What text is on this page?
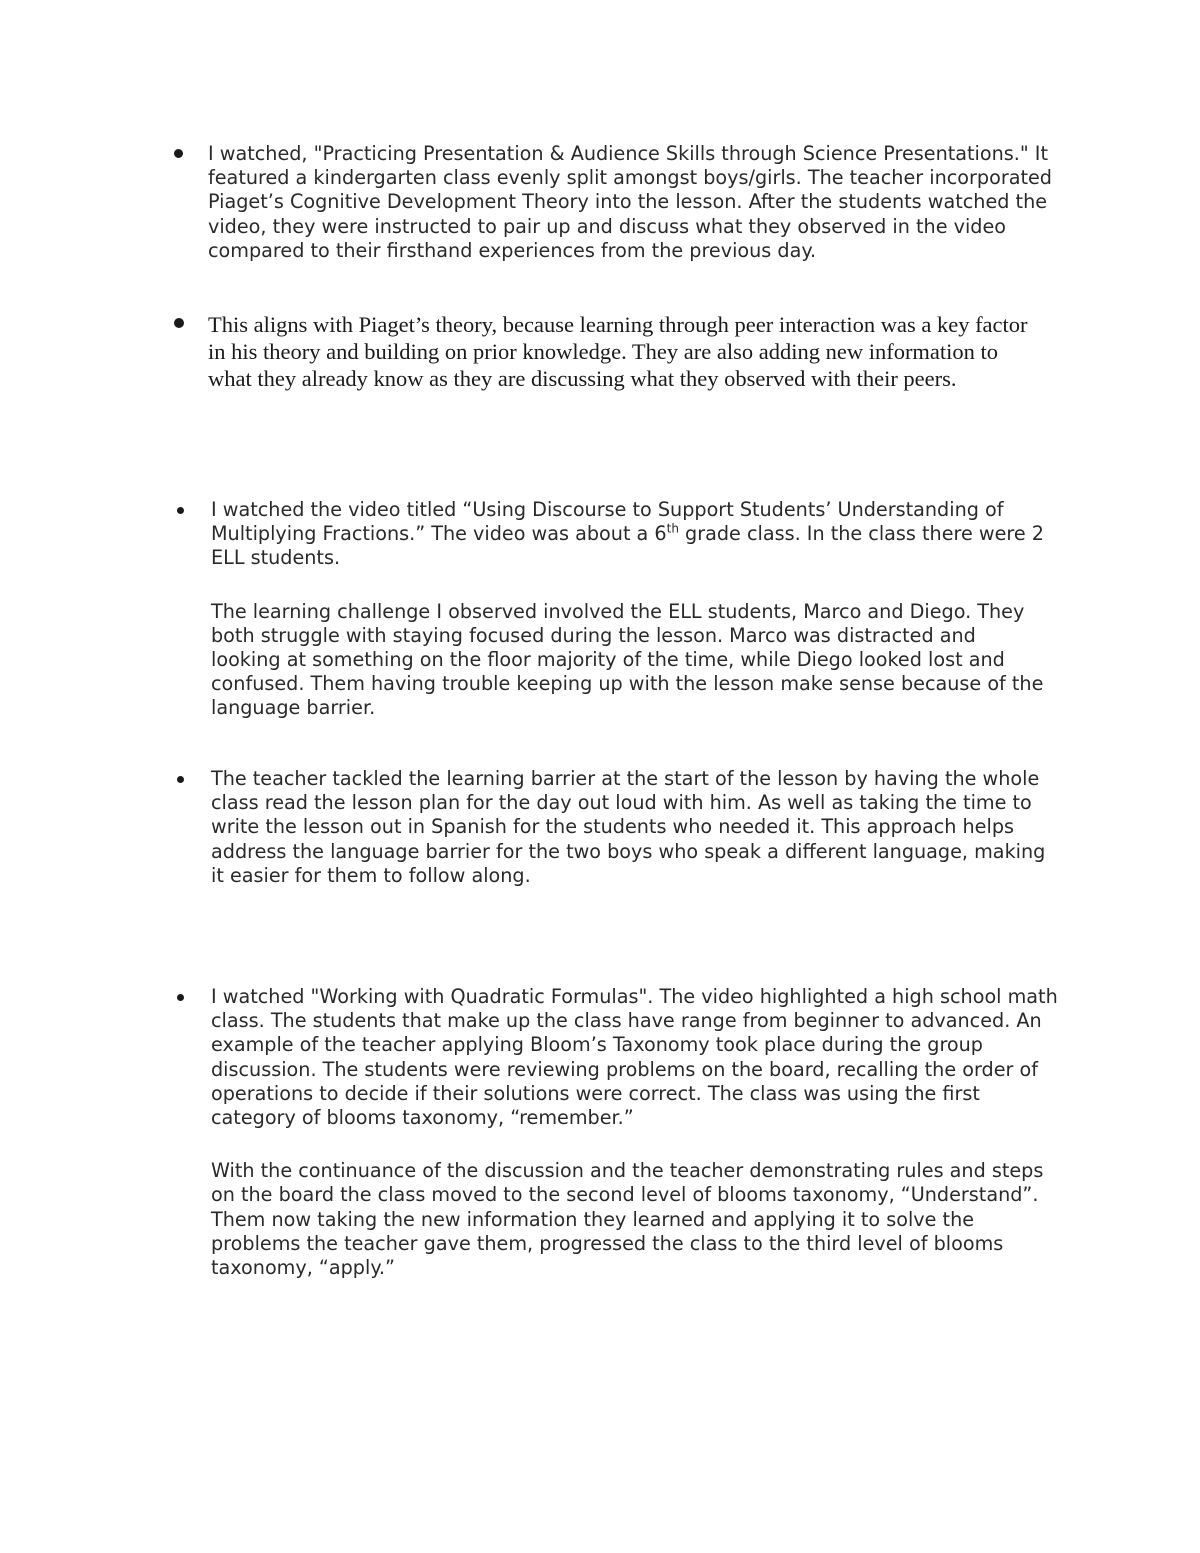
I watched, "Practicing Presentation & Audience Skills through Science Presentations." It featured a kindergarten class evenly split amongst boys/girls. The teacher incorporated Piaget’s Cognitive Development Theory into the lesson. After the students watched the video, they were instructed to pair up and discuss what they observed in the video compared to their firsthand experiences from the previous day.

This aligns with Piaget’s theory, because learning through peer interaction was a key factor in his theory and building on prior knowledge. They are also adding new information to what they already know as they are discussing what they observed with their peers.

I watched the video titled “Using Discourse to Support Students’ Understanding of Multiplying Fractions.” The video was about a 6th grade class. In the class there were 2 ELL students.

The learning challenge I observed involved the ELL students, Marco and Diego. They both struggle with staying focused during the lesson. Marco was distracted and looking at something on the floor majority of the time, while Diego looked lost and confused. Them having trouble keeping up with the lesson make sense because of the language barrier.

The teacher tackled the learning barrier at the start of the lesson by having the whole class read the lesson plan for the day out loud with him. As well as taking the time to write the lesson out in Spanish for the students who needed it. This approach helps address the language barrier for the two boys who speak a different language, making it easier for them to follow along.

I watched "Working with Quadratic Formulas". The video highlighted a high school math class. The students that make up the class have range from beginner to advanced. An example of the teacher applying Bloom’s Taxonomy took place during the group discussion. The students were reviewing problems on the board, recalling the order of operations to decide if their solutions were correct. The class was using the first category of blooms taxonomy, “remember.”

With the continuance of the discussion and the teacher demonstrating rules and steps on the board the class moved to the second level of blooms taxonomy, “Understand”. Them now taking the new information they learned and applying it to solve the problems the teacher gave them, progressed the class to the third level of blooms taxonomy, “apply.”
